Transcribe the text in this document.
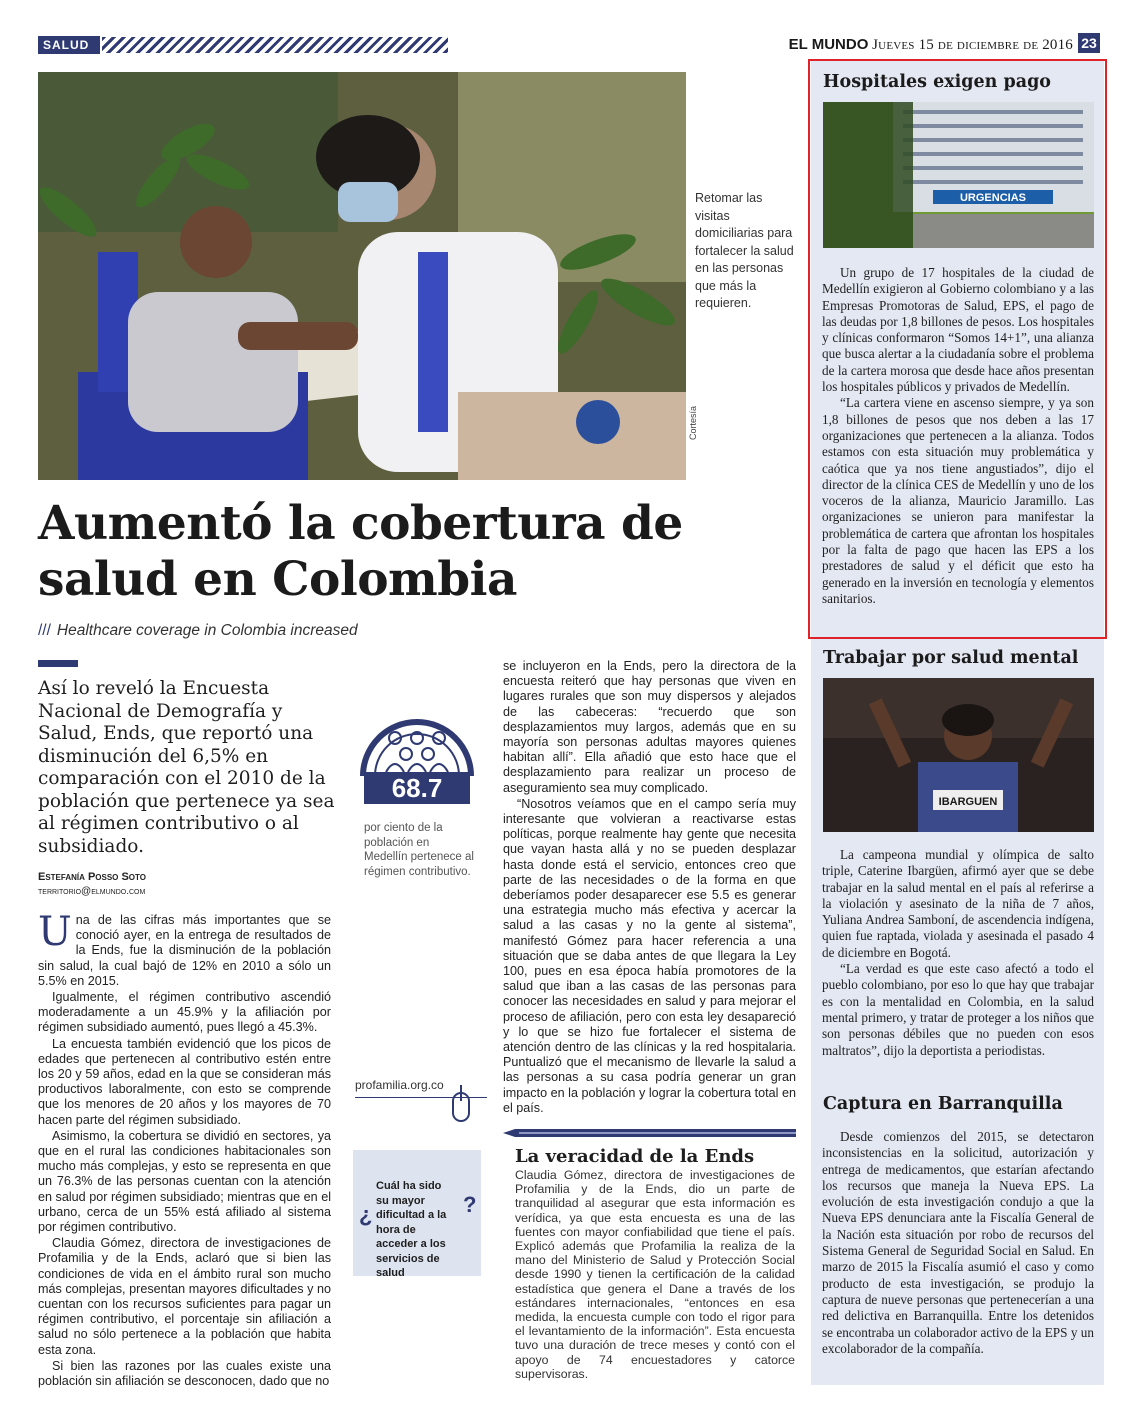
SALUD	EL MUNDO Jueves 15 de diciembre de 2016 23
Cortesía
Retomar las visitas domiciliarias para fortalecer la salud en las personas que más la requieren.
Aumentó la cobertura de salud en Colombia
/// Healthcare coverage in Colombia increased
Así lo reveló la Encuesta Nacional de Demografía y Salud, Ends, que reportó una disminución del 6,5% en comparación con el 2010 de la población que pertenece ya sea al régimen contributivo o al subsidiado.
Estefanía Posso Soto
territorio@elmundo.com

Una de las cifras más importantes que se conoció ayer, en la entrega de resultados de la Ends, fue la disminución de la población sin salud, la cual bajó de 12% en 2010 a sólo un 5.5% en 2015.

Igualmente, el régimen contributivo ascendió moderadamente a un 45.9% y la afiliación por régimen subsidiado aumentó, pues llegó a 45.3%.

La encuesta también evidenció que los picos de edades que pertenecen al contributivo estén entre los 20 y 59 años, edad en la que se consideran más productivos laboralmente, con esto se comprende que los menores de 20 años y los mayores de 70 hacen parte del régimen subsidiado.

Asimismo, la cobertura se dividió en sectores, ya que en el rural las condiciones habitacionales son mucho más complejas, y esto se representa en que un 76.3% de las personas cuentan con la atención en salud por régimen subsidiado; mientras que en el urbano, cerca de un 55% está afiliado al sistema por régimen contributivo.

Claudia Gómez, directora de investigaciones de Profamilia y de la Ends, aclaró que si bien las condiciones de vida en el ámbito rural son mucho más complejas, presentan mayores dificultades y no cuentan con los recursos suficientes para pagar un régimen contributivo, el porcentaje sin afiliación a salud no sólo pertenece a la población que habita esta zona.

Si bien las razones por las cuales existe una población sin afiliación se desconocen, dado que no

68.7
por ciento de la población en Medellín pertenece al régimen contributivo.
profamilia.org.co
¿
Cuál ha sido su mayor dificultad a la hora de acceder a los servicios de salud
?

se incluyeron en la Ends, pero la directora de la encuesta reiteró que hay personas que viven en lugares rurales que son muy dispersos y alejados de las cabeceras: “recuerdo que son desplazamientos muy largos, además que en su mayoría son personas adultas mayores quienes habitan allí”. Ella añadió que esto hace que el desplazamiento para realizar un proceso de aseguramiento sea muy complicado.

“Nosotros veíamos que en el campo sería muy interesante que volvieran a reactivarse estas políticas, porque realmente hay gente que necesita que vayan hasta allá y no se pueden desplazar hasta donde está el servicio, entonces creo que parte de las necesidades o de la forma en que deberíamos poder desaparecer ese 5.5 es generar una estrategia mucho más efectiva y acercar la salud a las casas y no la gente al sistema”, manifestó Gómez para hacer referencia a una situación que se daba antes de que llegara la Ley 100, pues en esa época había promotores de la salud que iban a las casas de las personas para conocer las necesidades en salud y para mejorar el proceso de afiliación, pero con esta ley desapareció y lo que se hizo fue fortalecer el sistema de atención dentro de las clínicas y la red hospitalaria. Puntualizó que el mecanismo de llevarle la salud a las personas a su casa podría generar un gran impacto en la población y lograr la cobertura total en el país.

La veracidad de la Ends
Claudia Gómez, directora de investigaciones de Profamilia y de la Ends, dio un parte de tranquilidad al asegurar que esta información es verídica, ya que esta encuesta es una de las fuentes con mayor confiabilidad que tiene el país. Explicó además que Profamilia la realiza de la mano del Ministerio de Salud y Protección Social desde 1990 y tienen la certificación de la calidad estadística que genera el Dane a través de los estándares internacionales, “entonces en esa medida, la encuesta cumple con todo el rigor para el levantamiento de la información”. Esta encuesta tuvo una duración de trece meses y contó con el apoyo de 74 encuestadores y catorce supervisoras.
Hospitales exigen pago
URGENCIAS

Un grupo de 17 hospitales de la ciudad de Medellín exigieron al Gobierno colombiano y a las Empresas Promotoras de Salud, EPS, el pago de las deudas por 1,8 billones de pesos. Los hospitales y clínicas conformaron “Somos 14+1”, una alianza que busca alertar a la ciudadanía sobre el problema de la cartera morosa que desde hace años presentan los hospitales públicos y privados de Medellín.

“La cartera viene en ascenso siempre, y ya son 1,8 billones de pesos que nos deben a las 17 organizaciones que pertenecen a la alianza. Todos estamos con esta situación muy problemática y caótica que ya nos tiene angustiados”, dijo el director de la clínica CES de Medellín y uno de los voceros de la alianza, Mauricio Jaramillo. Las organizaciones se unieron para manifestar la problemática de cartera que afrontan los hospitales por la falta de pago que hacen las EPS a los prestadores de salud y el déficit que esto ha generado en la inversión en tecnología y elementos sanitarios.

Trabajar por salud mental
IBARGUEN

La campeona mundial y olímpica de salto triple, Caterine Ibargüen, afirmó ayer que se debe trabajar en la salud mental en el país al referirse a la violación y asesinato de la niña de 7 años, Yuliana Andrea Samboní, de ascendencia indígena, quien fue raptada, violada y asesinada el pasado 4 de diciembre en Bogotá.

“La verdad es que este caso afectó a todo el pueblo colombiano, por eso lo que hay que trabajar es con la mentalidad en Colombia, en la salud mental primero, y tratar de proteger a los niños que son personas débiles que no pueden con esos maltratos”, dijo la deportista a periodistas.

Captura en Barranquilla

Desde comienzos del 2015, se detectaron inconsistencias en la solicitud, autorización y entrega de medicamentos, que estarían afectando los recursos que maneja la Nueva EPS. La evolución de esta investigación condujo a que la Nueva EPS denunciara ante la Fiscalía General de la Nación esta situación por robo de recursos del Sistema General de Seguridad Social en Salud. En marzo de 2015 la Fiscalía asumió el caso y como producto de esta investigación, se produjo la captura de nueve personas que pertenecerían a una red delictiva en Barranquilla. Entre los detenidos se encontraba un colaborador activo de la EPS y un excolaborador de la compañía.
